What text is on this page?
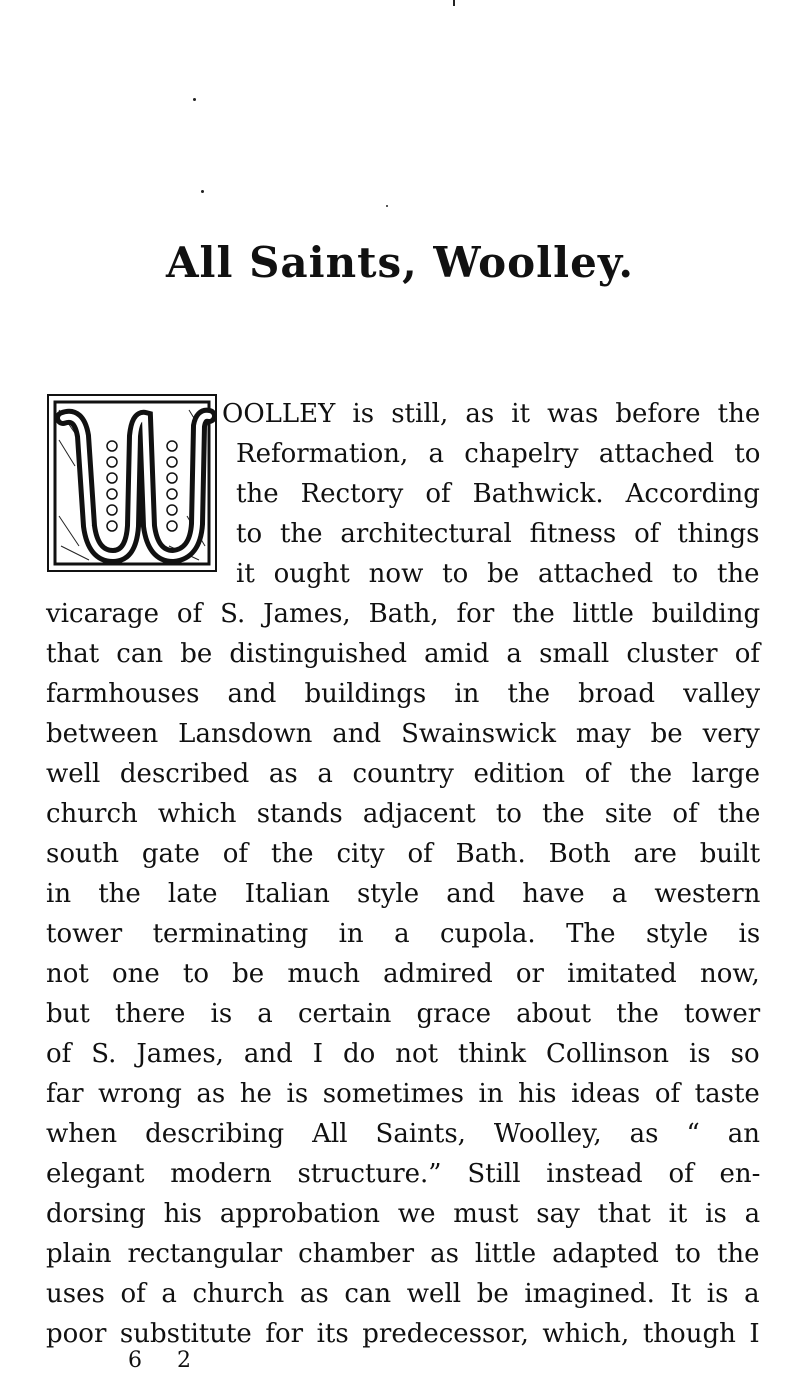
All Saints, Woolley.
OOLLEY is still, as it was before the
Reformation, a chapelry attached to
the Rectory of Bathwick. According
to the architectural fitness of things
it ought now to be attached to the
vicarage of S. James, Bath, for the little building
that can be distinguished amid a small cluster of
farmhouses and buildings in the broad valley
between Lansdown and Swainswick may be very
well described as a country edition of the large
church which stands adjacent to the site of the
south gate of the city of Bath. Both are built
in the late Italian style and have a western
tower terminating in a cupola. The style is
not one to be much admired or imitated now,
but there is a certain grace about the tower
of S. James, and I do not think Collinson is so
far wrong as he is sometimes in his ideas of taste
when describing All Saints, Woolley, as “ an
elegant modern structure.” Still instead of en-
dorsing his approbation we must say that it is a
plain rectangular chamber as little adapted to the
uses of a church as can well be imagined. It is a
poor substitute for its predecessor, which, though I
6 2
